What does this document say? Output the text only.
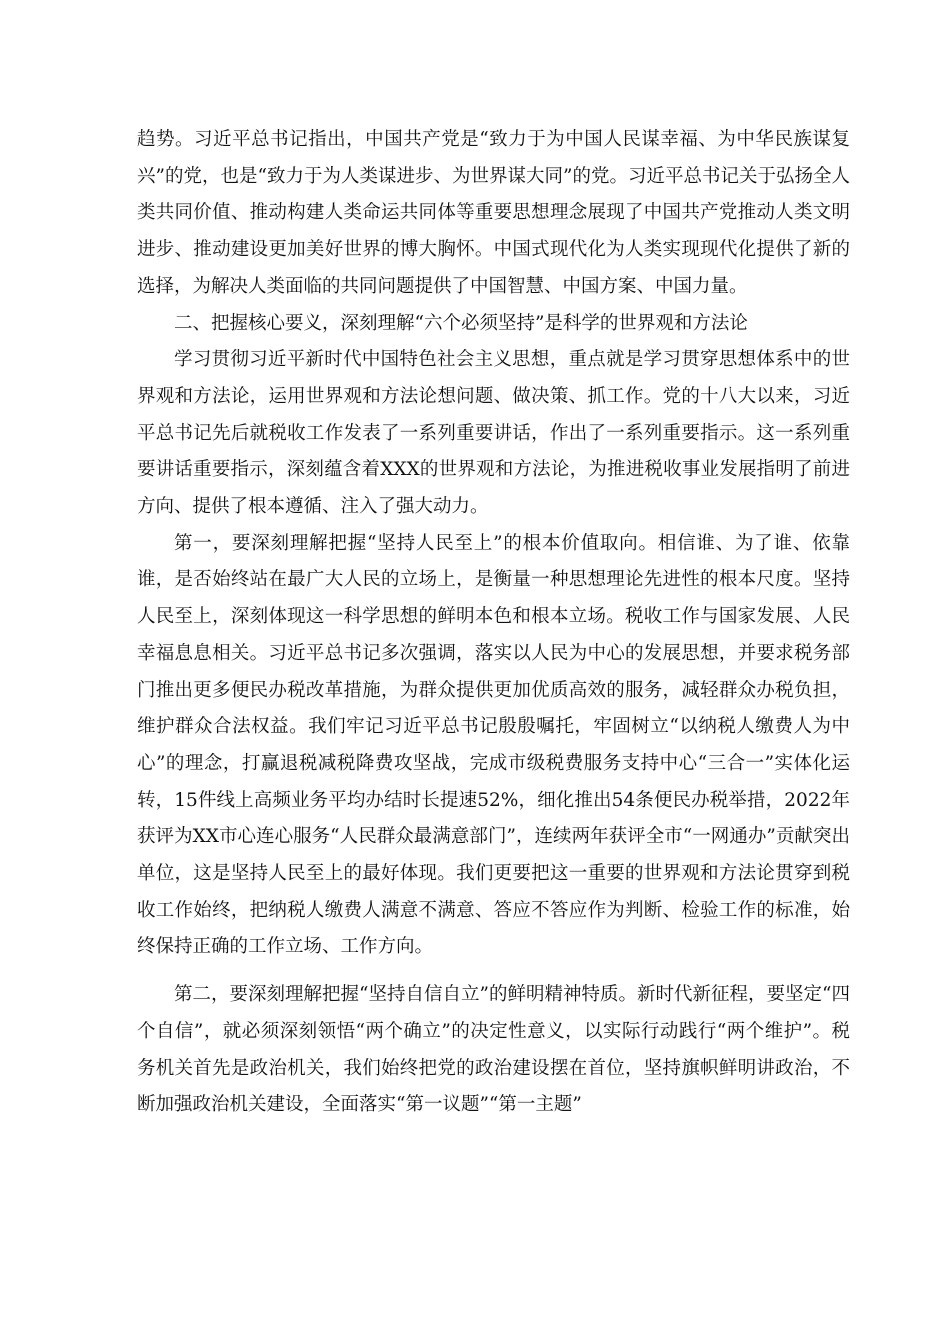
趋势。习近平总书记指出，中国共产党是“致力于为中国人民谋幸福、为中华民族谋复兴”的党，也是“致力于为人类谋进步、为世界谋大同”的党。习近平总书记关于弘扬全人类共同价值、推动构建人类命运共同体等重要思想理念展现了中国共产党推动人类文明进步、推动建设更加美好世界的博大胸怀。中国式现代化为人类实现现代化提供了新的选择，为解决人类面临的共同问题提供了中国智慧、中国方案、中国力量。

二、把握核心要义，深刻理解“六个必须坚持”是科学的世界观和方法论

学习贯彻习近平新时代中国特色社会主义思想，重点就是学习贯穿思想体系中的世界观和方法论，运用世界观和方法论想问题、做决策、抓工作。党的十八大以来，习近平总书记先后就税收工作发表了一系列重要讲话，作出了一系列重要指示。这一系列重要讲话重要指示，深刻蕴含着XXX的世界观和方法论，为推进税收事业发展指明了前进方向、提供了根本遵循、注入了强大动力。

第一，要深刻理解把握“坚持人民至上”的根本价值取向。相信谁、为了谁、依靠谁，是否始终站在最广大人民的立场上，是衡量一种思想理论先进性的根本尺度。坚持人民至上，深刻体现这一科学思想的鲜明本色和根本立场。税收工作与国家发展、人民幸福息息相关。习近平总书记多次强调，落实以人民为中心的发展思想，并要求税务部门推出更多便民办税改革措施，为群众提供更加优质高效的服务，减轻群众办税负担，维护群众合法权益。我们牢记习近平总书记殷殷嘱托，牢固树立“以纳税人缴费人为中心”的理念，打赢退税减税降费攻坚战，完成市级税费服务支持中心“三合一”实体化运转，15件线上高频业务平均办结时长提速52%，细化推出54条便民办税举措，2022年获评为XX市心连心服务“人民群众最满意部门”，连续两年获评全市“一网通办”贡献突出单位，这是坚持人民至上的最好体现。我们更要把这一重要的世界观和方法论贯穿到税收工作始终，把纳税人缴费人满意不满意、答应不答应作为判断、检验工作的标准，始终保持正确的工作立场、工作方向。

第二，要深刻理解把握“坚持自信自立”的鲜明精神特质。新时代新征程，要坚定“四个自信”，就必须深刻领悟“两个确立”的决定性意义，以实际行动践行“两个维护”。税务机关首先是政治机关，我们始终把党的政治建设摆在首位，坚持旗帜鲜明讲政治，不断加强政治机关建设，全面落实“第一议题”“第一主题”
